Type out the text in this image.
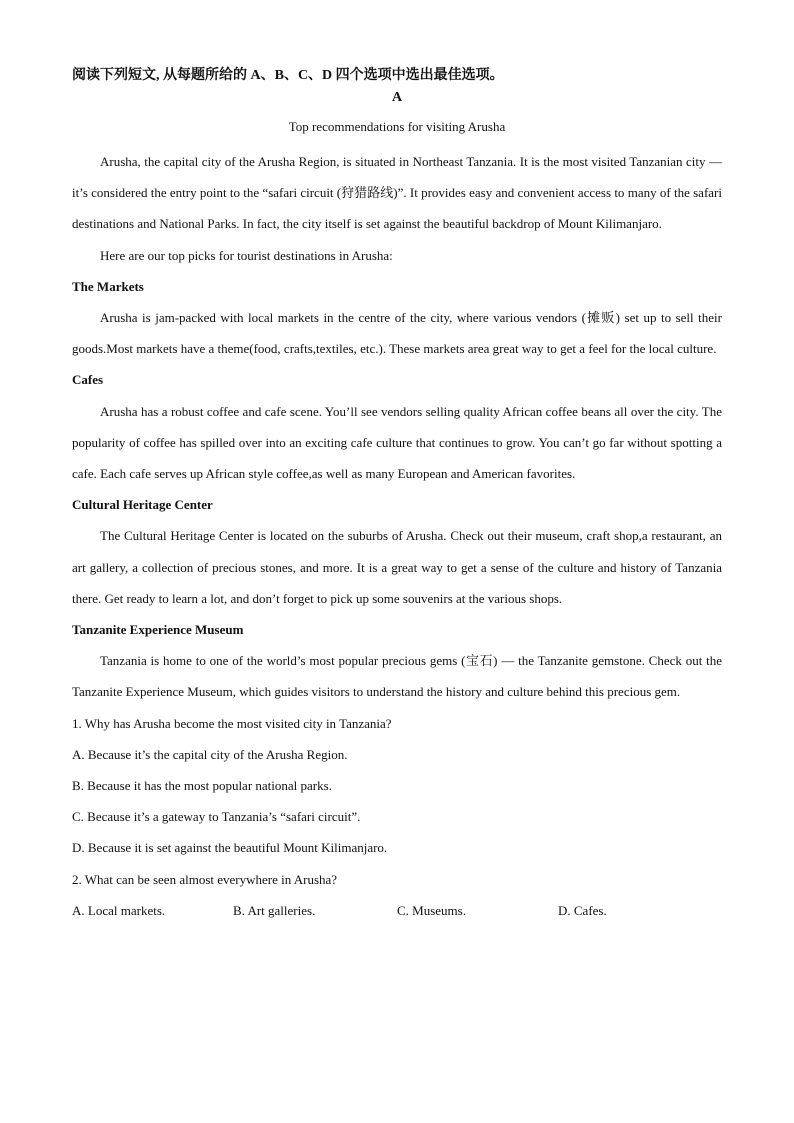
阅读下列短文, 从每题所给的 A、B、C、D 四个选项中选出最佳选项。
A
Top recommendations for visiting Arusha

Arusha, the capital city of the Arusha Region, is situated in Northeast Tanzania. It is the most visited Tanzanian city — it’s considered the entry point to the “safari circuit (狩猎路线)”. It provides easy and convenient access to many of the safari destinations and National Parks. In fact, the city itself is set against the beautiful backdrop of Mount Kilimanjaro.

Here are our top picks for tourist destinations in Arusha:

The Markets

Arusha is jam-packed with local markets in the centre of the city, where various vendors (摊贩) set up to sell their goods.Most markets have a theme(food, crafts,textiles, etc.). These markets area great way to get a feel for the local culture.

Cafes

Arusha has a robust coffee and cafe scene. You’ll see vendors selling quality African coffee beans all over the city. The popularity of coffee has spilled over into an exciting cafe culture that continues to grow. You can’t go far without spotting a cafe. Each cafe serves up African style coffee,as well as many European and American favorites.

Cultural Heritage Center

The Cultural Heritage Center is located on the suburbs of Arusha. Check out their museum, craft shop,a restaurant, an art gallery, a collection of precious stones, and more. It is a great way to get a sense of the culture and history of Tanzania there. Get ready to learn a lot, and don’t forget to pick up some souvenirs at the various shops.

Tanzanite Experience Museum

Tanzania is home to one of the world’s most popular precious gems (宝石) — the Tanzanite gemstone. Check out the Tanzanite Experience Museum, which guides visitors to understand the history and culture behind this precious gem.

1. Why has Arusha become the most visited city in Tanzania?

A. Because it’s the capital city of the Arusha Region.

B. Because it has the most popular national parks.

C. Because it’s a gateway to Tanzania’s “safari circuit”.

D. Because it is set against the beautiful Mount Kilimanjaro.

2. What can be seen almost everywhere in Arusha?

A. Local markets.	B. Art galleries.	C. Museums.	D. Cafes.
